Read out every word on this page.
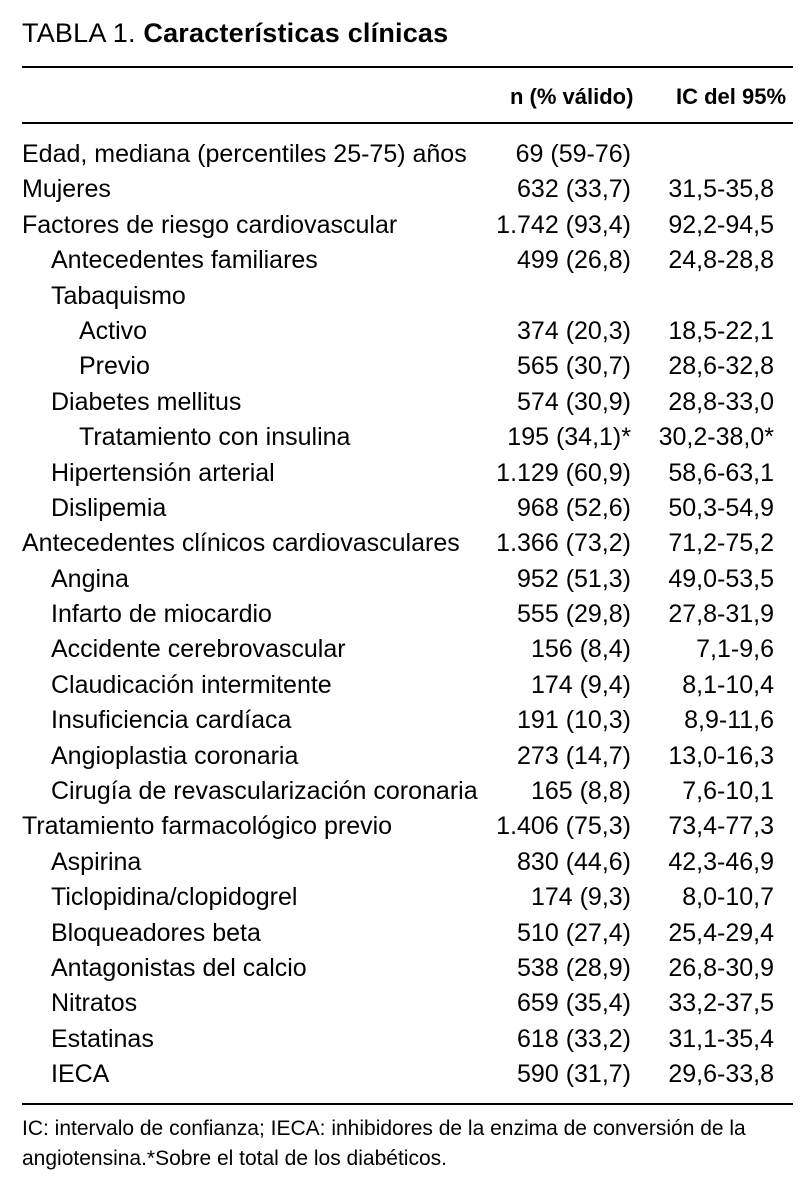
TABLA 1. Características clínicas
n (% válido) IC del 95%
Edad, mediana (percentiles 25-75) años 69 (59-76)
Mujeres	632 (33,7) 31,5-35,8
Factores de riesgo cardiovascular	1.742 (93,4) 92,2-94,5
Antecedentes familiares	499 (26,8) 24,8-28,8
Tabaquismo
Activo	374 (20,3) 18,5-22,1
Previo	565 (30,7) 28,6-32,8
Diabetes mellitus	574 (30,9) 28,8-33,0
Tratamiento con insulina	195 (34,1)* 30,2-38,0*
Hipertensión arterial	1.129 (60,9) 58,6-63,1
Dislipemia	968 (52,6) 50,3-54,9
Antecedentes clínicos cardiovasculares 1.366 (73,2) 71,2-75,2
Angina	952 (51,3) 49,0-53,5
Infarto de miocardio	555 (29,8) 27,8-31,9
Accidente cerebrovascular	156 (8,4)	7,1-9,6
Claudicación intermitente	174 (9,4) 8,1-10,4
Insuficiencia cardíaca	191 (10,3) 8,9-11,6
Angioplastia coronaria	273 (14,7) 13,0-16,3
Cirugía de revascularización coronaria 165 (8,8) 7,6-10,1
Tratamiento farmacológico previo	1.406 (75,3) 73,4-77,3
Aspirina	830 (44,6) 42,3-46,9
Ticlopidina/clopidogrel	174 (9,3) 8,0-10,7
Bloqueadores beta	510 (27,4) 25,4-29,4
Antagonistas del calcio	538 (28,9) 26,8-30,9
Nitratos	659 (35,4) 33,2-37,5
Estatinas	618 (33,2) 31,1-35,4
IECA	590 (31,7) 29,6-33,8
IC: intervalo de confianza; IECA: inhibidores de la enzima de conversión de la angiotensina.*Sobre el total de los diabéticos.
